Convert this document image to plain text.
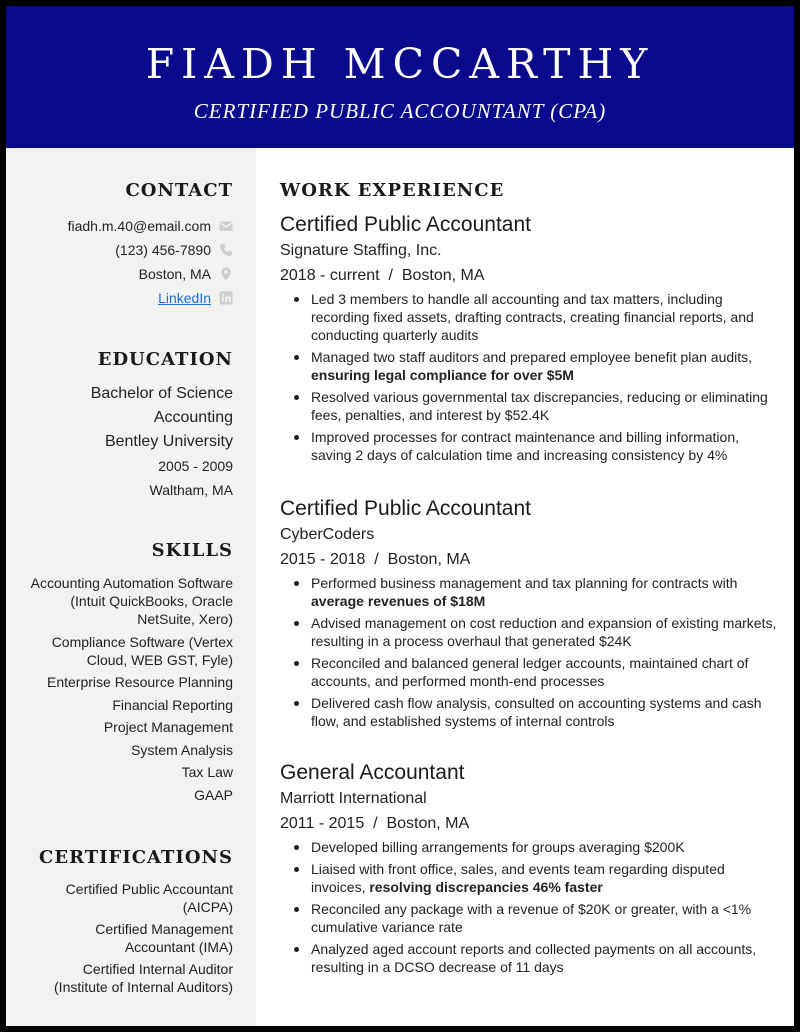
FIADH MCCARTHY
CERTIFIED PUBLIC ACCOUNTANT (CPA)
CONTACT
fiadh.m.40@email.com
(123) 456-7890
Boston, MA
LinkedIn
EDUCATION
Bachelor of Science
Accounting
Bentley University
2005 - 2009
Waltham, MA
SKILLS
Accounting Automation Software (Intuit QuickBooks, Oracle NetSuite, Xero)
Compliance Software (Vertex Cloud, WEB GST, Fyle)
Enterprise Resource Planning
Financial Reporting
Project Management
System Analysis
Tax Law
GAAP
CERTIFICATIONS
Certified Public Accountant (AICPA)
Certified Management Accountant (IMA)
Certified Internal Auditor (Institute of Internal Auditors)
WORK EXPERIENCE
Certified Public Accountant
Signature Staffing, Inc.
2018 - current  /  Boston, MA
Led 3 members to handle all accounting and tax matters, including recording fixed assets, drafting contracts, creating financial reports, and conducting quarterly audits
Managed two staff auditors and prepared employee benefit plan audits, ensuring legal compliance for over $5M
Resolved various governmental tax discrepancies, reducing or eliminating fees, penalties, and interest by $52.4K
Improved processes for contract maintenance and billing information, saving 2 days of calculation time and increasing consistency by 4%
Certified Public Accountant
CyberCoders
2015 - 2018  /  Boston, MA
Performed business management and tax planning for contracts with average revenues of $18M
Advised management on cost reduction and expansion of existing markets, resulting in a process overhaul that generated $24K
Reconciled and balanced general ledger accounts, maintained chart of accounts, and performed month-end processes
Delivered cash flow analysis, consulted on accounting systems and cash flow, and established systems of internal controls
General Accountant
Marriott International
2011 - 2015  /  Boston, MA
Developed billing arrangements for groups averaging $200K
Liaised with front office, sales, and events team regarding disputed invoices, resolving discrepancies 46% faster
Reconciled any package with a revenue of $20K or greater, with a <1% cumulative variance rate
Analyzed aged account reports and collected payments on all accounts, resulting in a DCSO decrease of 11 days
